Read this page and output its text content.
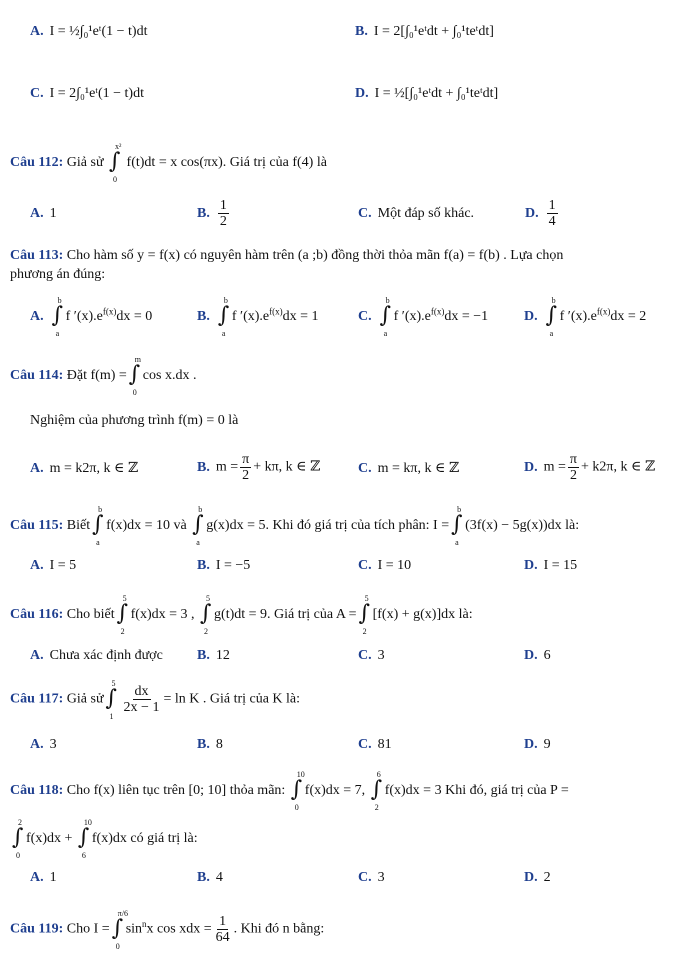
A. I = ½∫₀¹eᵗ(1 − t)dt	B. I = 2[∫₀¹eᵗdt + ∫₀¹teᵗdt]
C. I = 2∫₀¹eᵗ(1 − t)dt	D. I = ½[∫₀¹eᵗdt + ∫₀¹teᵗdt]
Câu 112: Giả sử ∫
x²
0
f(t)dt = x cos(πx). Giá trị của f(4) là
A. 1	B. $\frac{1}{2}$	C. Một đáp số khác.	D. $\frac{1}{4}$
Câu 113: Cho hàm số y = f(x) có nguyên hàm trên (a ;b) đồng thời thỏa mãn f(a) = f(b) . Lựa chọn
phương án đúng:
A. ∫
b
a
f $'(x).e^{f(x)}dx = 0$	B. ∫
b
a
f $'(x).e^{f(x)}dx = 1$	C. ∫
b
a
f $'(x).e^{f(x)}dx = -1$	D. ∫
b
a
f $'(x).e^{f(x)}dx = 2$
Câu 114: Đặt f(m) = ∫
m
0
cos x.dx .
Nghiệm của phương trình f(m) = 0 là
A. m = k2π, k ∈ ℤ	B. $m = \frac{\pi}{2} + k\pi$, k ∈ ℤ	C. m = kπ, k ∈ ℤ	D. $m = \frac{\pi}{2} + k2\pi$, k ∈ ℤ
Câu 115: Biết ∫
b
a
f(x)dx = 10 và ∫
b
a
g(x)dx = 5. Khi đó giá trị của tích phân: I = ∫
b
a
(3f(x) − 5g(x))dx là:
A. I = 5	B. I = −5	C. I = 10	D. I = 15
Câu 116: Cho biết ∫
5
2
f(x)dx = 3 , ∫
5
2
g(t)dt = 9. Giá trị của A = ∫
5
2
[f(x) + g(x)]dx là:
A. Chưa xác định được B. 12	C. 3	D. 6
Câu 117: Giả sử ∫
5
1
$\frac{dx}{2x - 1} = \ln K$ . Giá trị của K là:
A. 3	B. 8	C. 81	D. 9
Câu 118: Cho f(x) liên tục trên [0; 10] thỏa mãn: ∫
10
0
f(x)dx = 7, ∫
6
2
f(x)dx = 3 Khi đó, giá trị của P =
∫
2
0
f(x)dx + ∫
10
6
f(x)dx có giá trị là:
A. 1	B. 4	C. 3	D. 2
Câu 119: Cho I = ∫
π/6
0
$\sin^nx$ cos xdx = $\frac{1}{64}$ . Khi đó n bằng:
